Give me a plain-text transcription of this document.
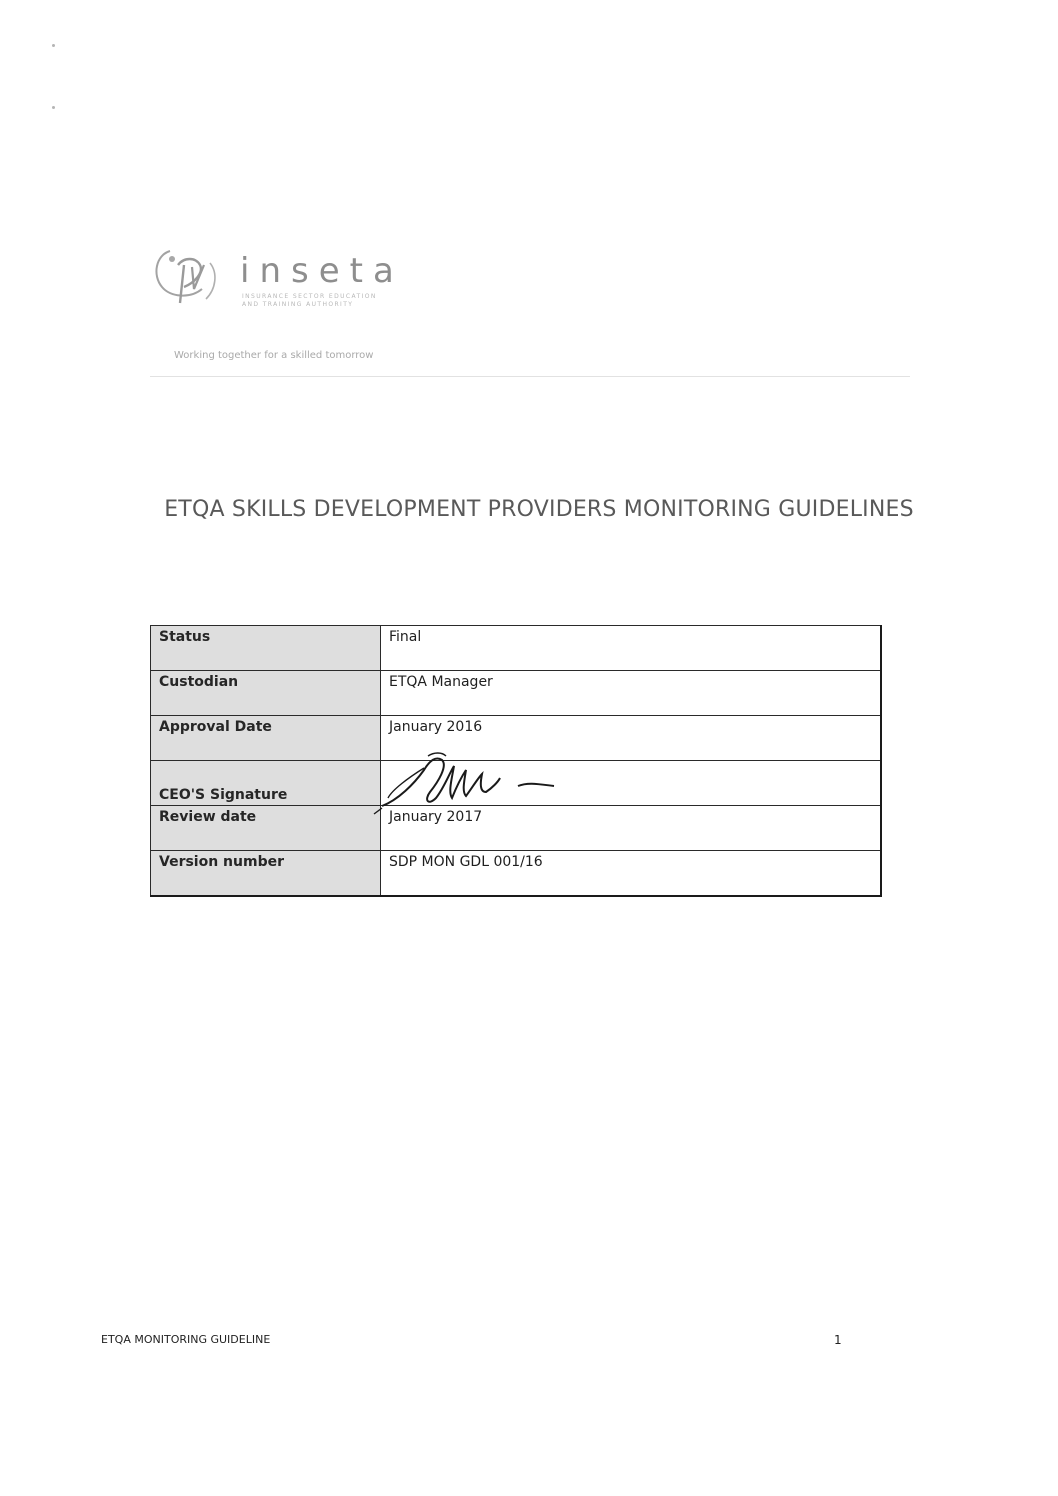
inseta
INSURANCE SECTOR EDUCATION
AND TRAINING AUTHORITY
Working together for a skilled tomorrow
ETQA SKILLS DEVELOPMENT PROVIDERS MONITORING GUIDELINES
Status	Final
Custodian	ETQA Manager
Approval Date	January 2016
CEO'S Signature	
Review date	January 2017
Version number	SDP MON GDL 001/16
ETQA MONITORING GUIDELINE	1
